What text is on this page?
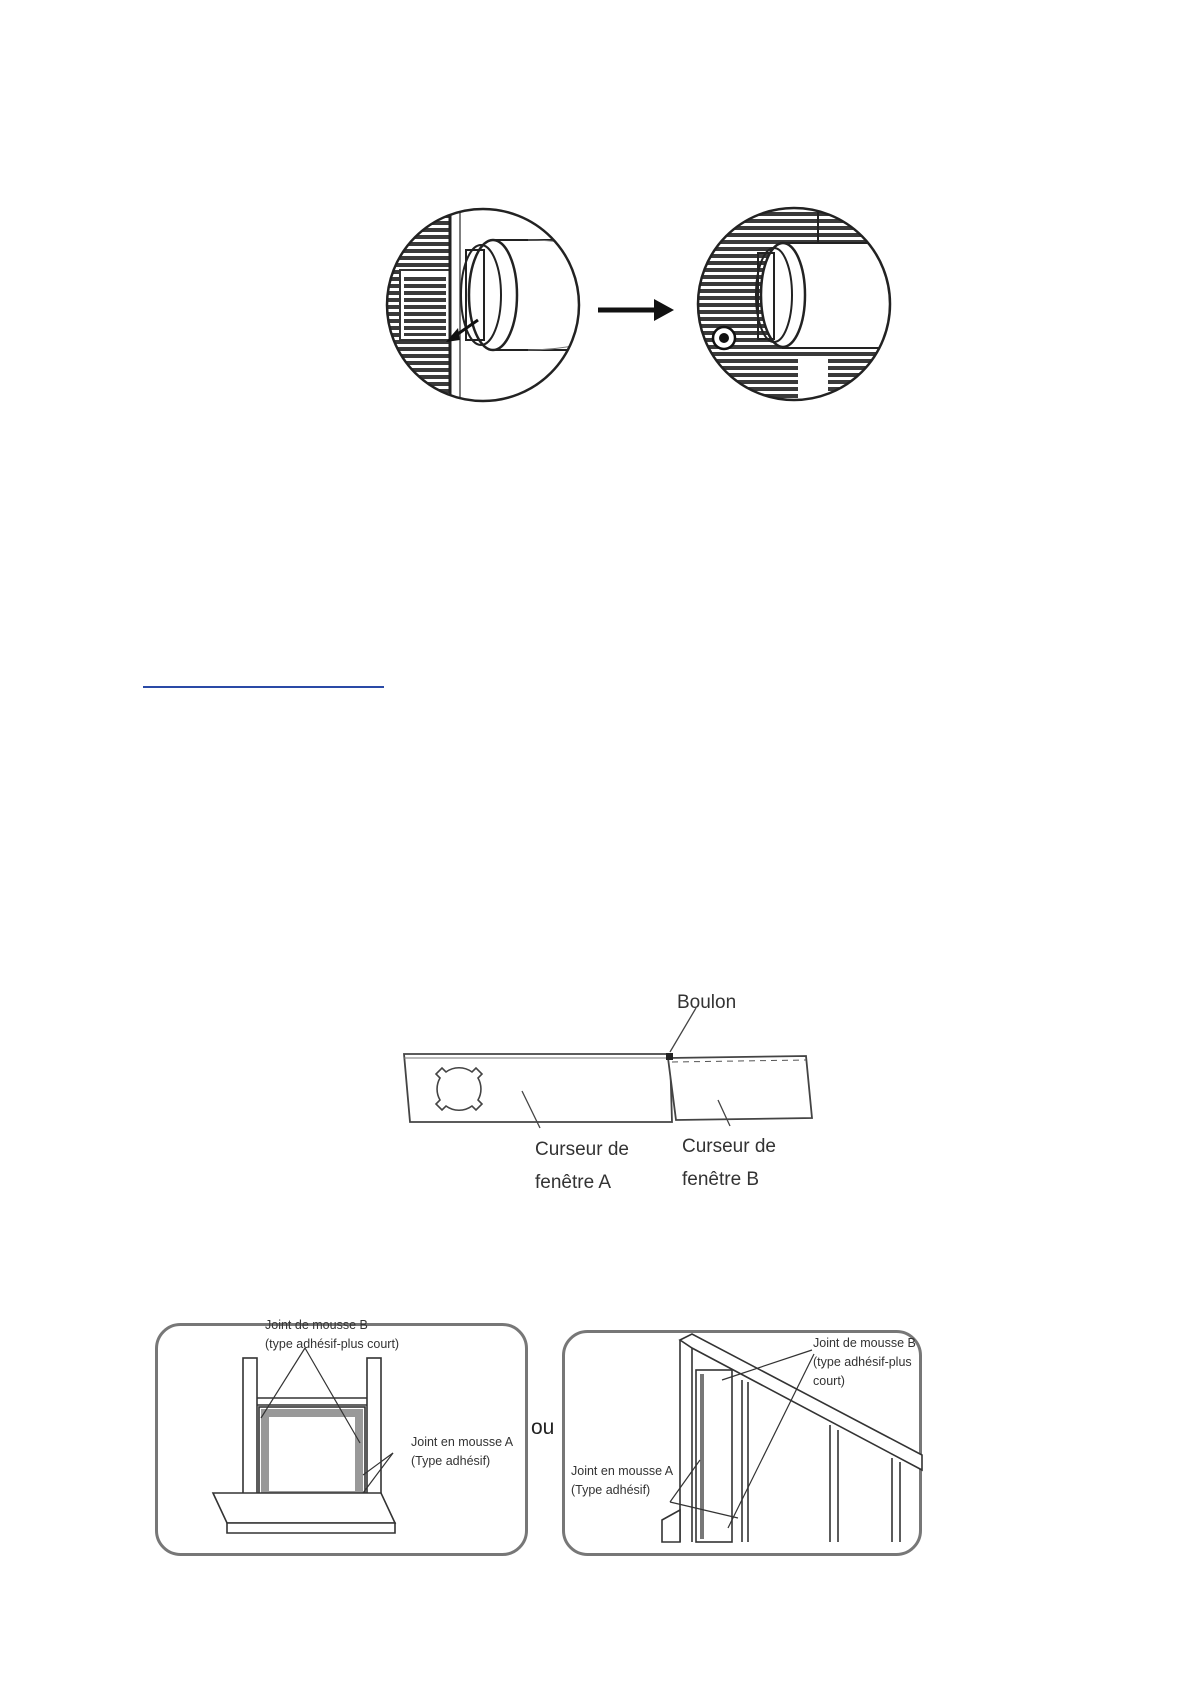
Boulon
Curseur de
fenêtre A
Curseur de
fenêtre B
Joint de mousse B
(type adhésif-plus court)
Joint en mousse A
(Type adhésif)
ou
Joint de mousse B
(type adhésif-plus
court)
Joint en mousse A
(Type adhésif)
